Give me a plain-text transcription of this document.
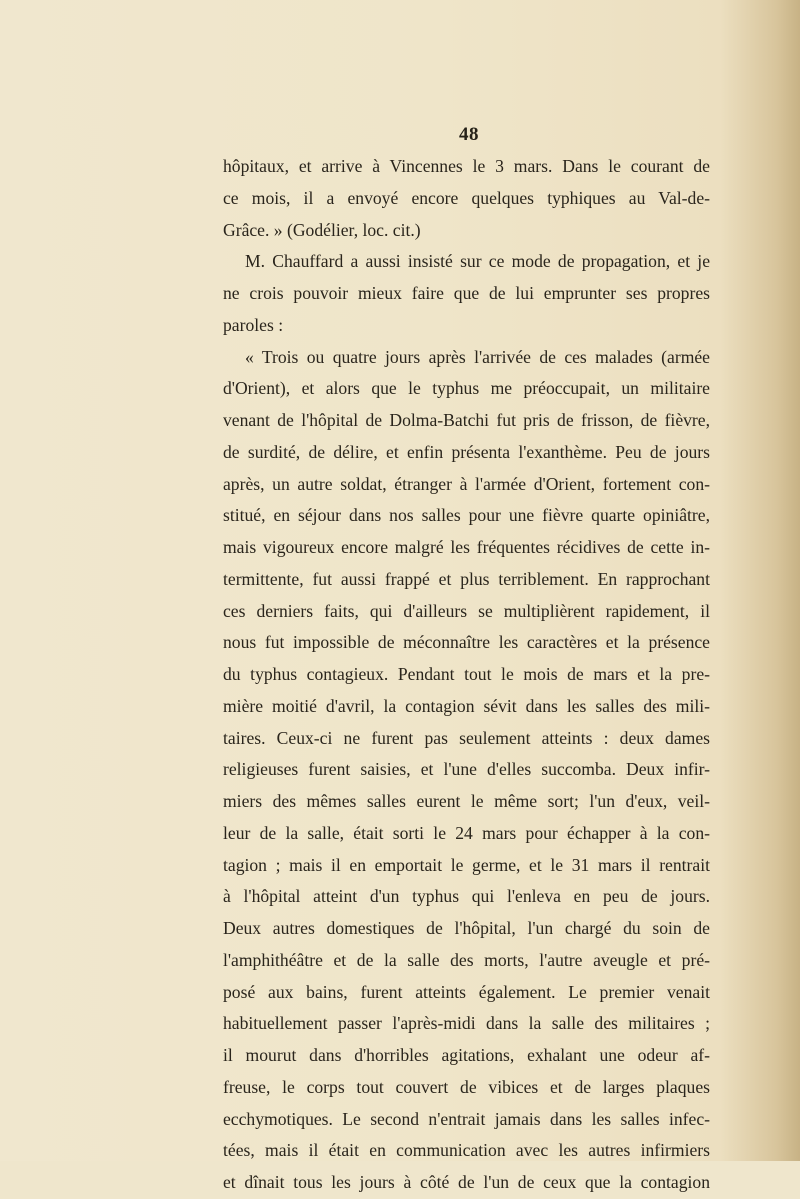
48
hôpitaux, et arrive à Vincennes le 3 mars. Dans le courant de
ce mois, il a envoyé encore quelques typhiques au Val-de-
Grâce. » (Godélier, loc. cit.)
M. Chauffard a aussi insisté sur ce mode de propagation, et je
ne crois pouvoir mieux faire que de lui emprunter ses propres
paroles :
« Trois ou quatre jours après l'arrivée de ces malades (armée
d'Orient), et alors que le typhus me préoccupait, un militaire
venant de l'hôpital de Dolma-Batchi fut pris de frisson, de fièvre,
de surdité, de délire, et enfin présenta l'exanthème. Peu de jours
après, un autre soldat, étranger à l'armée d'Orient, fortement con-
stitué, en séjour dans nos salles pour une fièvre quarte opiniâtre,
mais vigoureux encore malgré les fréquentes récidives de cette in-
termittente, fut aussi frappé et plus terriblement. En rapprochant
ces derniers faits, qui d'ailleurs se multiplièrent rapidement, il
nous fut impossible de méconnaître les caractères et la présence
du typhus contagieux. Pendant tout le mois de mars et la pre-
mière moitié d'avril, la contagion sévit dans les salles des mili-
taires. Ceux-ci ne furent pas seulement atteints : deux dames
religieuses furent saisies, et l'une d'elles succomba. Deux infir-
miers des mêmes salles eurent le même sort; l'un d'eux, veil-
leur de la salle, était sorti le 24 mars pour échapper à la con-
tagion ; mais il en emportait le germe, et le 31 mars il rentrait
à l'hôpital atteint d'un typhus qui l'enleva en peu de jours.
Deux autres domestiques de l'hôpital, l'un chargé du soin de
l'amphithéâtre et de la salle des morts, l'autre aveugle et pré-
posé aux bains, furent atteints également. Le premier venait
habituellement passer l'après-midi dans la salle des militaires ;
il mourut dans d'horribles agitations, exhalant une odeur af-
freuse, le corps tout couvert de vibices et de larges plaques
ecchymotiques. Le second n'entrait jamais dans les salles infec-
tées, mais il était en communication avec les autres infirmiers
et dînait tous les jours à côté de l'un de ceux que la contagion
